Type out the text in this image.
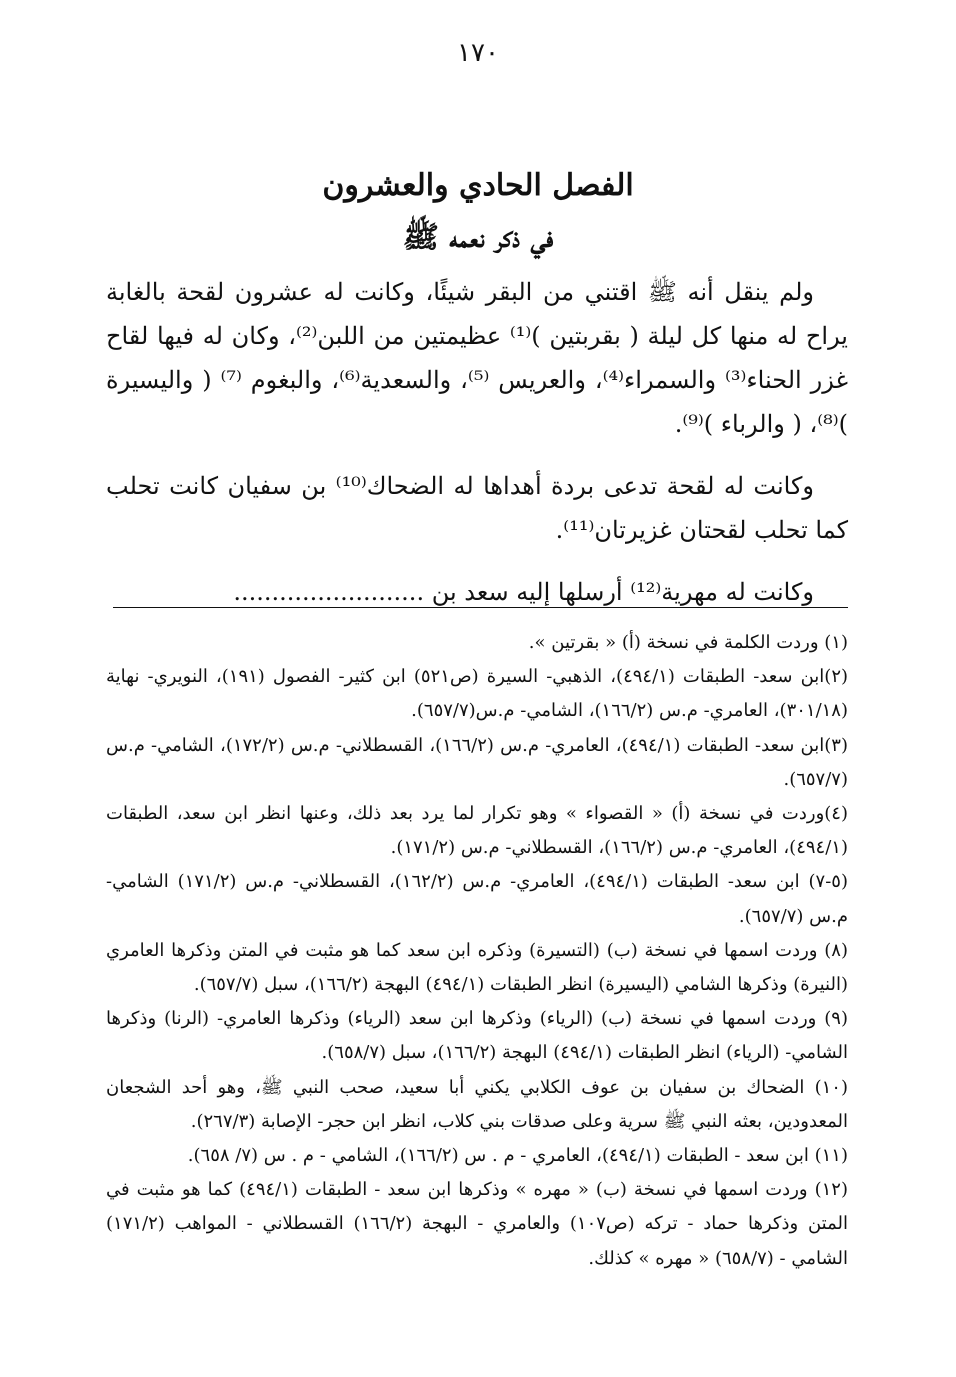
١٧٠
الفصل الحادي والعشرون
في ذكر نعمه ﷺ

ولم ينقل أنه ﷺ اقتني من البقر شيئًا، وكانت له عشرون لقحة بالغابة يراح له منها كل ليلة ( بقربتين )⁽¹⁾ عظيمتين من اللبن⁽²⁾، وكان له فيها لقاح غزر الحناء⁽³⁾ والسمراء⁽⁴⁾، والعريس ⁽⁵⁾، والسعدية⁽⁶⁾، والبغوم ⁽⁷⁾ ( واليسيرة )⁽⁸⁾، ( والرباء )⁽⁹⁾.

وكانت له لقحة تدعى بردة أهداها له الضحاك⁽¹⁰⁾ بن سفيان كانت تحلب كما تحلب لقحتان غزيرتان⁽¹¹⁾.

وكانت له مهرية⁽¹²⁾ أرسلها إليه سعد بن .........................

(١) وردت الكلمة في نسخة (أ) « بقرتين ».

(٢)ابن سعد- الطبقات (٤٩٤/١)، الذهبي- السيرة (ص٥٢١) ابن كثير- الفصول (١٩١)، النويري- نهاية (٣٠١/١٨)، العامري- م.س (١٦٦/٢)، الشامي- م.س(٦٥٧/٧).

(٣)ابن سعد- الطبقات (٤٩٤/١)، العامري- م.س (١٦٦/٢)، القسطلاني- م.س (١٧٢/٢)، الشامي- م.س (٦٥٧/٧).

(٤)وردت في نسخة (أ) « القصواء » وهو تكرار لما يرد بعد ذلك، وعنها انظر ابن سعد، الطبقات (٤٩٤/١)، العامري- م.س (١٦٦/٢)، القسطلاني- م.س (١٧١/٢).

(٥-٧) ابن سعد- الطبقات (٤٩٤/١)، العامري- م.س (١٦٢/٢)، القسطلاني- م.س (١٧١/٢) الشامي- م.س (٦٥٧/٧).

(٨) وردت اسمها في نسخة (ب) (التسيرة) وذكره ابن سعد كما هو مثبت في المتن وذكرها العامري (النيرة) وذكرها الشامي (اليسيرة) انظر الطبقات (٤٩٤/١) البهجة (١٦٦/٢)، سبل (٦٥٧/٧).

(٩) وردت اسمها في نسخة (ب) (الرياء) وذكرها ابن سعد (الرياء) وذكرها العامري- (الرنا) وذكرها الشامي- (الرياء) انظر الطبقات (٤٩٤/١) البهجة (١٦٦/٢)، سبل (٦٥٨/٧).

(١٠) الضحاك بن سفيان بن عوف الكلابي يكني أبا سعيد، صحب النبي ﷺ، وهو أحد الشجعان المعدودين، بعثه النبي ﷺ سرية وعلى صدقات بني كلاب، انظر ابن حجر- الإصابة (٢٦٧/٣).

(١١) ابن سعد - الطبقات (٤٩٤/١)، العامري - م . س (١٦٦/٢)، الشامي - م . س (٧/ ٦٥٨).

(١٢) وردت اسمها في نسخة (ب) « مهره » وذكرها ابن سعد - الطبقات (٤٩٤/١) كما هو مثبت في المتن وذكرها حماد - تركه (ص١٠٧) والعامري - البهجة (١٦٦/٢) القسطلاني - المواهب (١٧١/٢) الشامي - (٦٥٨/٧) « مهره » كذلك.
